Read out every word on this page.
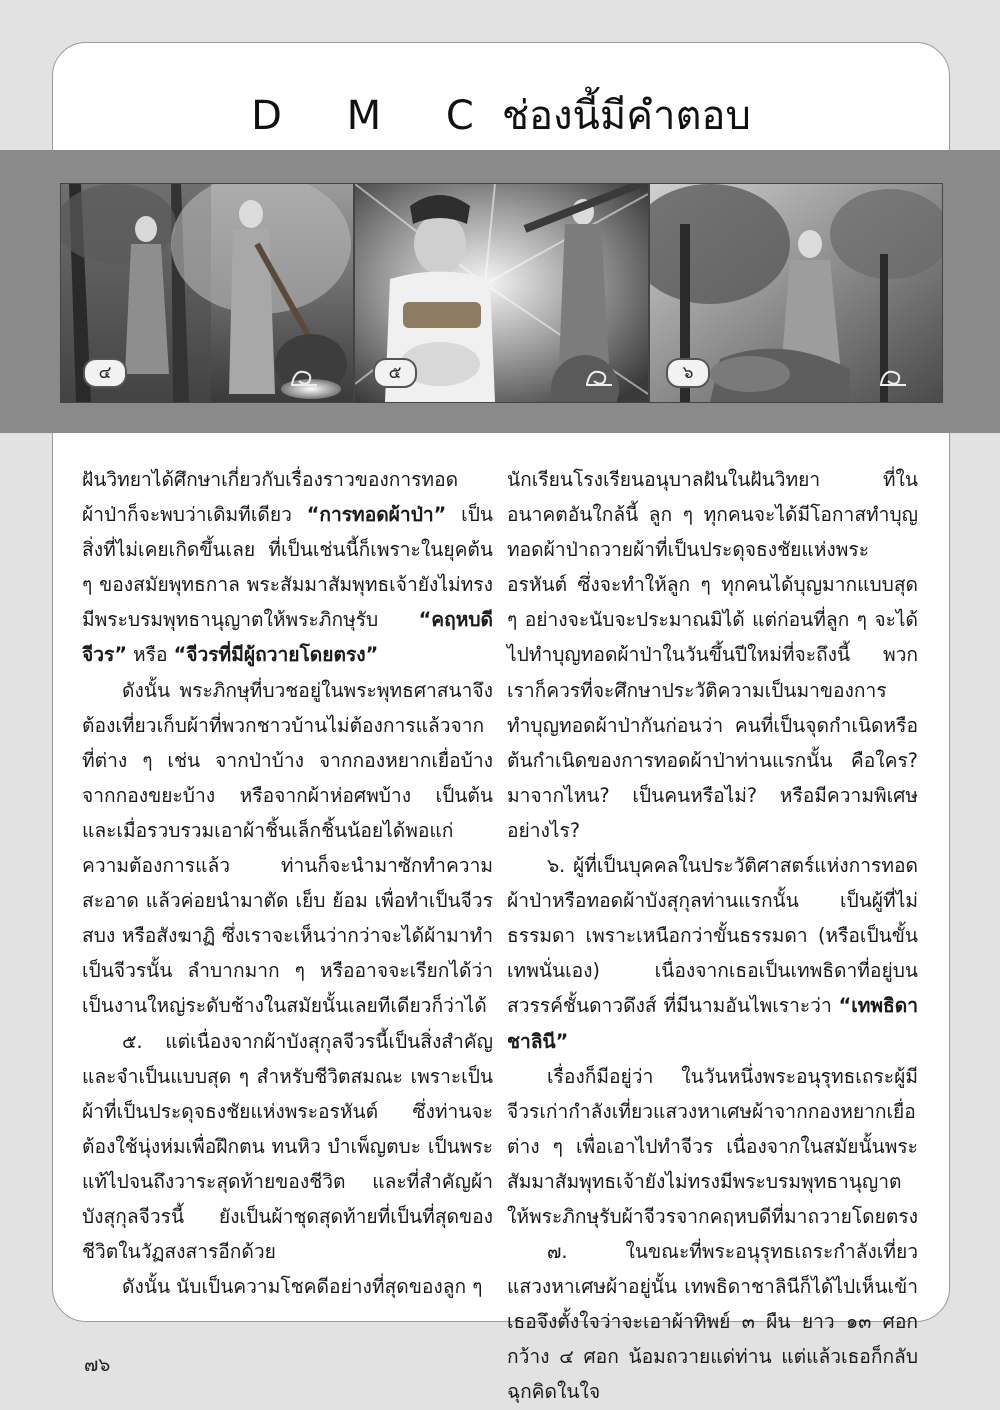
D M Cช่องนี้มีคำตอบ
๔	๕	๖

ฝันวิทยาได้ศึกษาเกี่ยวกับเรื่องราวของการทอดผ้าป่าก็จะพบว่าเดิมทีเดียว “การทอดผ้าป่า” เป็นสิ่งที่ไม่เคยเกิดขึ้นเลย ที่เป็นเช่นนี้ก็เพราะในยุคต้น ๆ ของสมัยพุทธกาล พระสัมมาสัมพุทธเจ้ายังไม่ทรงมีพระบรมพุทธานุญาตให้พระภิกษุรับ “คฤหบดีจีวร” หรือ “จีวรที่มีผู้ถวายโดยตรง”

ดังนั้น พระภิกษุที่บวชอยู่ในพระพุทธศาสนาจึงต้องเที่ยวเก็บผ้าที่พวกชาวบ้านไม่ต้องการแล้วจากที่ต่าง ๆ เช่น จากป่าบ้าง จากกองหยากเยื่อบ้าง จากกองขยะบ้าง หรือจากผ้าห่อศพบ้าง เป็นต้น และเมื่อรวบรวมเอาผ้าชิ้นเล็กชิ้นน้อยได้พอแก่ความต้องการแล้ว ท่านก็จะนำมาซักทำความสะอาด แล้วค่อยนำมาตัด เย็บ ย้อม เพื่อทำเป็นจีวร สบง หรือสังฆาฏิ ซึ่งเราจะเห็นว่ากว่าจะได้ผ้ามาทำเป็นจีวรนั้น ลำบากมาก ๆ หรืออาจจะเรียกได้ว่าเป็นงานใหญ่ระดับช้างในสมัยนั้นเลยทีเดียวก็ว่าได้

๕. แต่เนื่องจากผ้าบังสุกุลจีวรนี้เป็นสิ่งสำคัญและจำเป็นแบบสุด ๆ สำหรับชีวิตสมณะ เพราะเป็นผ้าที่เป็นประดุจธงชัยแห่งพระอรหันต์ ซึ่งท่านจะต้องใช้นุ่งห่มเพื่อฝึกตน ทนหิว บำเพ็ญตบะ เป็นพระแท้ไปจนถึงวาระสุดท้ายของชีวิต และที่สำคัญผ้าบังสุกุลจีวรนี้ ยังเป็นผ้าชุดสุดท้ายที่เป็นที่สุดของชีวิตในวัฏสงสารอีกด้วย

ดังนั้น นับเป็นความโชคดีอย่างที่สุดของลูก ๆ

นักเรียนโรงเรียนอนุบาลฝันในฝันวิทยา ที่ในอนาคตอันใกล้นี้ ลูก ๆ ทุกคนจะได้มีโอกาสทำบุญทอดผ้าป่าถวายผ้าที่เป็นประดุจธงชัยแห่งพระอรหันต์ ซึ่งจะทำให้ลูก ๆ ทุกคนได้บุญมากแบบสุด ๆ อย่างจะนับจะประมาณมิได้ แต่ก่อนที่ลูก ๆ จะได้ไปทำบุญทอดผ้าป่าในวันขึ้นปีใหม่ที่จะถึงนี้ พวกเราก็ควรที่จะศึกษาประวัติความเป็นมาของการทำบุญทอดผ้าป่ากันก่อนว่า คนที่เป็นจุดกำเนิดหรือต้นกำเนิดของการทอดผ้าป่าท่านแรกนั้น คือใคร? มาจากไหน? เป็นคนหรือไม่? หรือมีความพิเศษอย่างไร?

๖. ผู้ที่เป็นบุคคลในประวัติศาสตร์แห่งการทอดผ้าป่าหรือทอดผ้าบังสุกุลท่านแรกนั้น เป็นผู้ที่ไม่ธรรมดา เพราะเหนือกว่าขั้นธรรมดา (หรือเป็นขั้นเทพนั่นเอง) เนื่องจากเธอเป็นเทพธิดาที่อยู่บนสวรรค์ชั้นดาวดึงส์ ที่มีนามอันไพเราะว่า “เทพธิดาชาลินี”

เรื่องก็มีอยู่ว่า ในวันหนึ่งพระอนุรุทธเถระผู้มีจีวรเก่ากำลังเที่ยวแสวงหาเศษผ้าจากกองหยากเยื่อต่าง ๆ เพื่อเอาไปทำจีวร เนื่องจากในสมัยนั้นพระสัมมาสัมพุทธเจ้ายังไม่ทรงมีพระบรมพุทธานุญาตให้พระภิกษุรับผ้าจีวรจากคฤหบดีที่มาถวายโดยตรง

๗. ในขณะที่พระอนุรุทธเถระกำลังเที่ยวแสวงหาเศษผ้าอยู่นั้น เทพธิดาชาลินีก็ได้ไปเห็นเข้า เธอจึงตั้งใจว่าจะเอาผ้าทิพย์ ๓ ผืน ยาว ๑๓ ศอก กว้าง ๔ ศอก น้อมถวายแด่ท่าน แต่แล้วเธอก็กลับฉุกคิดในใจ

๗๖
